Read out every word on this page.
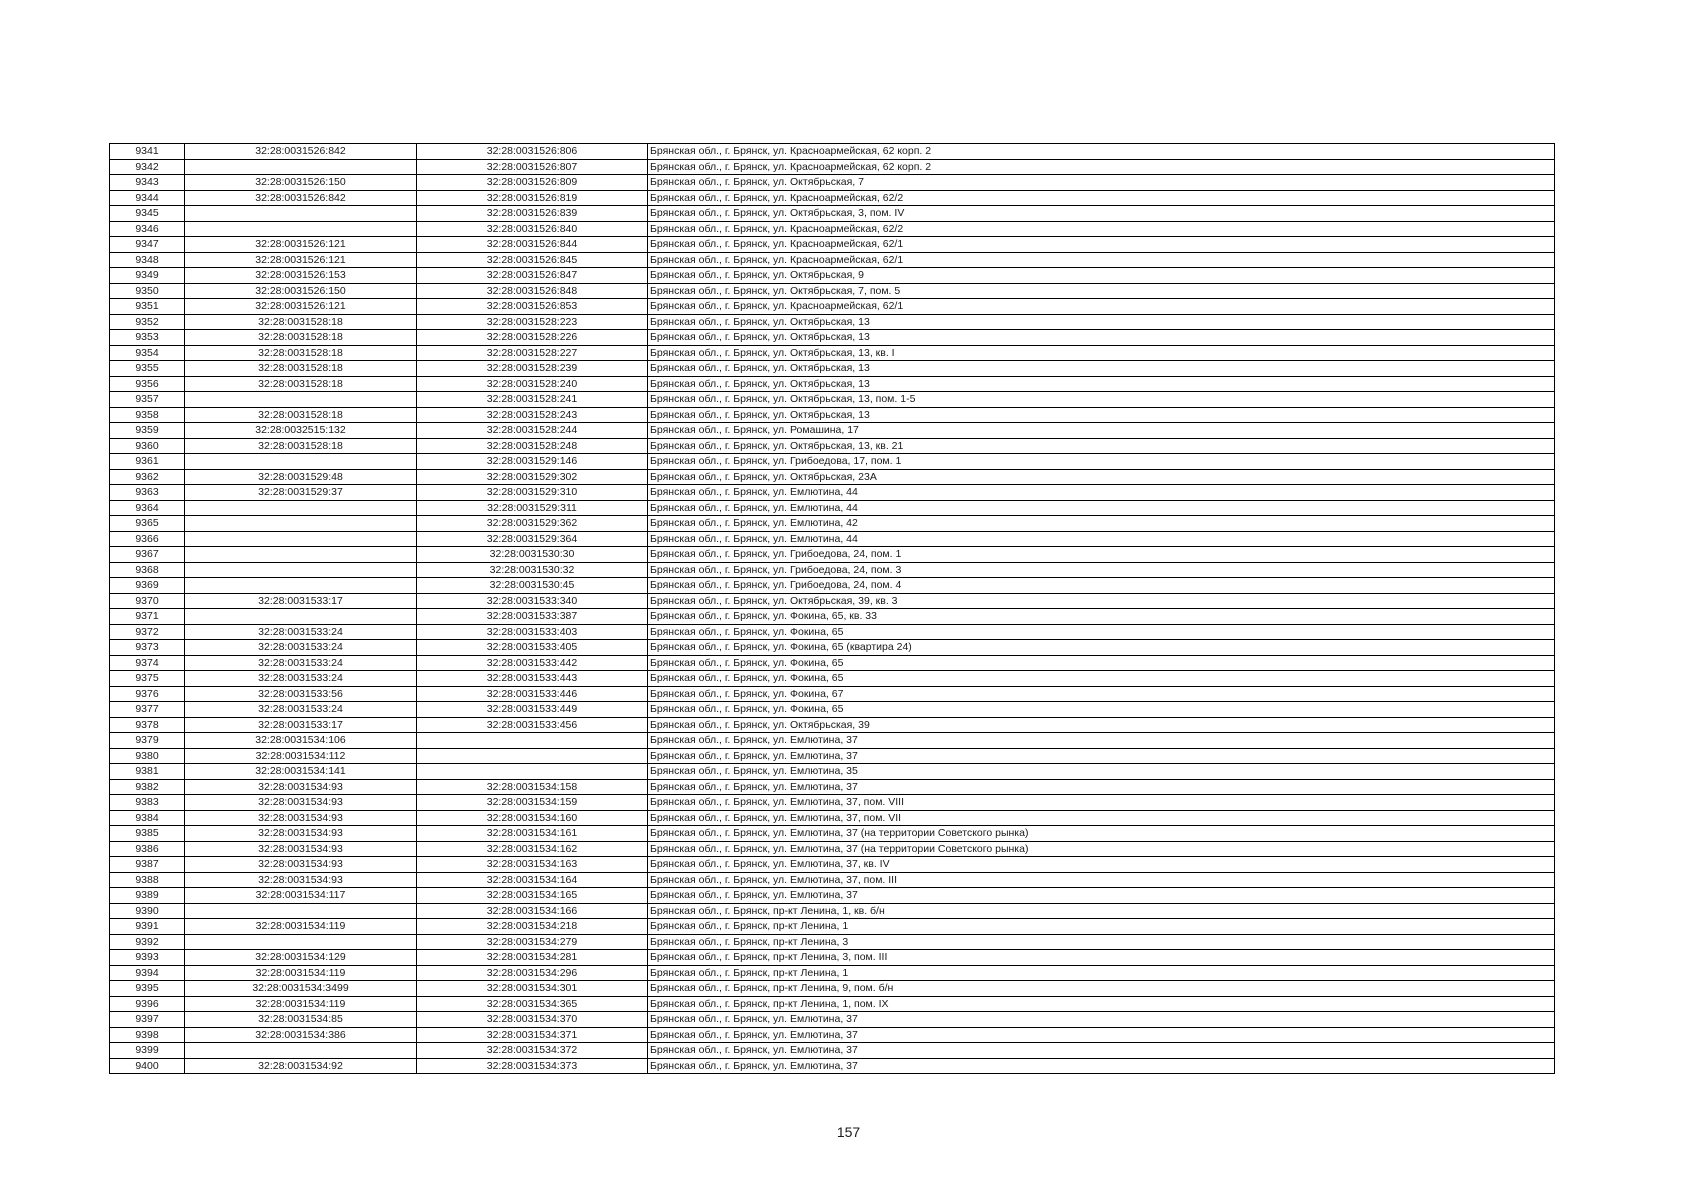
9341	32:28:0031526:842	32:28:0031526:806	Брянская обл., г. Брянск, ул. Красноармейская, 62 корп. 2
9342		32:28:0031526:807	Брянская обл., г. Брянск, ул. Красноармейская, 62 корп. 2
9343	32:28:0031526:150	32:28:0031526:809	Брянская обл., г. Брянск, ул. Октябрьская, 7
9344	32:28:0031526:842	32:28:0031526:819	Брянская обл., г. Брянск, ул. Красноармейская, 62/2
9345		32:28:0031526:839	Брянская обл., г. Брянск, ул. Октябрьская, 3, пом. IV
9346		32:28:0031526:840	Брянская обл., г. Брянск, ул. Красноармейская, 62/2
9347	32:28:0031526:121	32:28:0031526:844	Брянская обл., г. Брянск, ул. Красноармейская, 62/1
9348	32:28:0031526:121	32:28:0031526:845	Брянская обл., г. Брянск, ул. Красноармейская, 62/1
9349	32:28:0031526:153	32:28:0031526:847	Брянская обл., г. Брянск, ул. Октябрьская, 9
9350	32:28:0031526:150	32:28:0031526:848	Брянская обл., г. Брянск, ул. Октябрьская, 7, пом. 5
9351	32:28:0031526:121	32:28:0031526:853	Брянская обл., г. Брянск, ул. Красноармейская, 62/1
9352	32:28:0031528:18	32:28:0031528:223	Брянская обл., г. Брянск, ул. Октябрьская, 13
9353	32:28:0031528:18	32:28:0031528:226	Брянская обл., г. Брянск, ул. Октябрьская, 13
9354	32:28:0031528:18	32:28:0031528:227	Брянская обл., г. Брянск, ул. Октябрьская, 13, кв. I
9355	32:28:0031528:18	32:28:0031528:239	Брянская обл., г. Брянск, ул. Октябрьская, 13
9356	32:28:0031528:18	32:28:0031528:240	Брянская обл., г. Брянск, ул. Октябрьская, 13
9357		32:28:0031528:241	Брянская обл., г. Брянск, ул. Октябрьская, 13, пом. 1-5
9358	32:28:0031528:18	32:28:0031528:243	Брянская обл., г. Брянск, ул. Октябрьская, 13
9359	32:28:0032515:132	32:28:0031528:244	Брянская обл., г. Брянск, ул. Ромашина, 17
9360	32:28:0031528:18	32:28:0031528:248	Брянская обл., г. Брянск, ул. Октябрьская, 13, кв. 21
9361		32:28:0031529:146	Брянская обл., г. Брянск, ул. Грибоедова, 17, пом. 1
9362	32:28:0031529:48	32:28:0031529:302	Брянская обл., г. Брянск, ул. Октябрьская, 23А
9363	32:28:0031529:37	32:28:0031529:310	Брянская обл., г. Брянск, ул. Емлютина, 44
9364		32:28:0031529:311	Брянская обл., г. Брянск, ул. Емлютина, 44
9365		32:28:0031529:362	Брянская обл., г. Брянск, ул. Емлютина, 42
9366		32:28:0031529:364	Брянская обл., г. Брянск, ул. Емлютина, 44
9367		32:28:0031530:30	Брянская обл., г. Брянск, ул. Грибоедова, 24, пом. 1
9368		32:28:0031530:32	Брянская обл., г. Брянск, ул. Грибоедова, 24, пом. 3
9369		32:28:0031530:45	Брянская обл., г. Брянск, ул. Грибоедова, 24, пом. 4
9370	32:28:0031533:17	32:28:0031533:340	Брянская обл., г. Брянск, ул. Октябрьская, 39, кв. 3
9371		32:28:0031533:387	Брянская обл., г. Брянск, ул. Фокина, 65, кв. 33
9372	32:28:0031533:24	32:28:0031533:403	Брянская обл., г. Брянск, ул. Фокина, 65
9373	32:28:0031533:24	32:28:0031533:405	Брянская обл., г. Брянск, ул. Фокина, 65 (квартира 24)
9374	32:28:0031533:24	32:28:0031533:442	Брянская обл., г. Брянск, ул. Фокина, 65
9375	32:28:0031533:24	32:28:0031533:443	Брянская обл., г. Брянск, ул. Фокина, 65
9376	32:28:0031533:56	32:28:0031533:446	Брянская обл., г. Брянск, ул. Фокина, 67
9377	32:28:0031533:24	32:28:0031533:449	Брянская обл., г. Брянск, ул. Фокина, 65
9378	32:28:0031533:17	32:28:0031533:456	Брянская обл., г. Брянск, ул. Октябрьская, 39
9379	32:28:0031534:106		Брянская обл., г. Брянск, ул. Емлютина, 37
9380	32:28:0031534:112		Брянская обл., г. Брянск, ул. Емлютина, 37
9381	32:28:0031534:141		Брянская обл., г. Брянск, ул. Емлютина, 35
9382	32:28:0031534:93	32:28:0031534:158	Брянская обл., г. Брянск, ул. Емлютина, 37
9383	32:28:0031534:93	32:28:0031534:159	Брянская обл., г. Брянск, ул. Емлютина, 37, пом. VIII
9384	32:28:0031534:93	32:28:0031534:160	Брянская обл., г. Брянск, ул. Емлютина, 37, пом. VII
9385	32:28:0031534:93	32:28:0031534:161	Брянская обл., г. Брянск, ул. Емлютина, 37 (на территории Советского рынка)
9386	32:28:0031534:93	32:28:0031534:162	Брянская обл., г. Брянск, ул. Емлютина, 37 (на территории Советского рынка)
9387	32:28:0031534:93	32:28:0031534:163	Брянская обл., г. Брянск, ул. Емлютина, 37, кв. IV
9388	32:28:0031534:93	32:28:0031534:164	Брянская обл., г. Брянск, ул. Емлютина, 37, пом. III
9389	32:28:0031534:117	32:28:0031534:165	Брянская обл., г. Брянск, ул. Емлютина, 37
9390		32:28:0031534:166	Брянская обл., г. Брянск, пр-кт Ленина, 1, кв. б/н
9391	32:28:0031534:119	32:28:0031534:218	Брянская обл., г. Брянск, пр-кт Ленина, 1
9392		32:28:0031534:279	Брянская обл., г. Брянск, пр-кт Ленина, 3
9393	32:28:0031534:129	32:28:0031534:281	Брянская обл., г. Брянск, пр-кт Ленина, 3, пом. III
9394	32:28:0031534:119	32:28:0031534:296	Брянская обл., г. Брянск, пр-кт Ленина, 1
9395	32:28:0031534:3499	32:28:0031534:301	Брянская обл., г. Брянск, пр-кт Ленина, 9, пом. б/н
9396	32:28:0031534:119	32:28:0031534:365	Брянская обл., г. Брянск, пр-кт Ленина, 1, пом. IX
9397	32:28:0031534:85	32:28:0031534:370	Брянская обл., г. Брянск, ул. Емлютина, 37
9398	32:28:0031534:386	32:28:0031534:371	Брянская обл., г. Брянск, ул. Емлютина, 37
9399		32:28:0031534:372	Брянская обл., г. Брянск, ул. Емлютина, 37
9400	32:28:0031534:92	32:28:0031534:373	Брянская обл., г. Брянск, ул. Емлютина, 37
157
